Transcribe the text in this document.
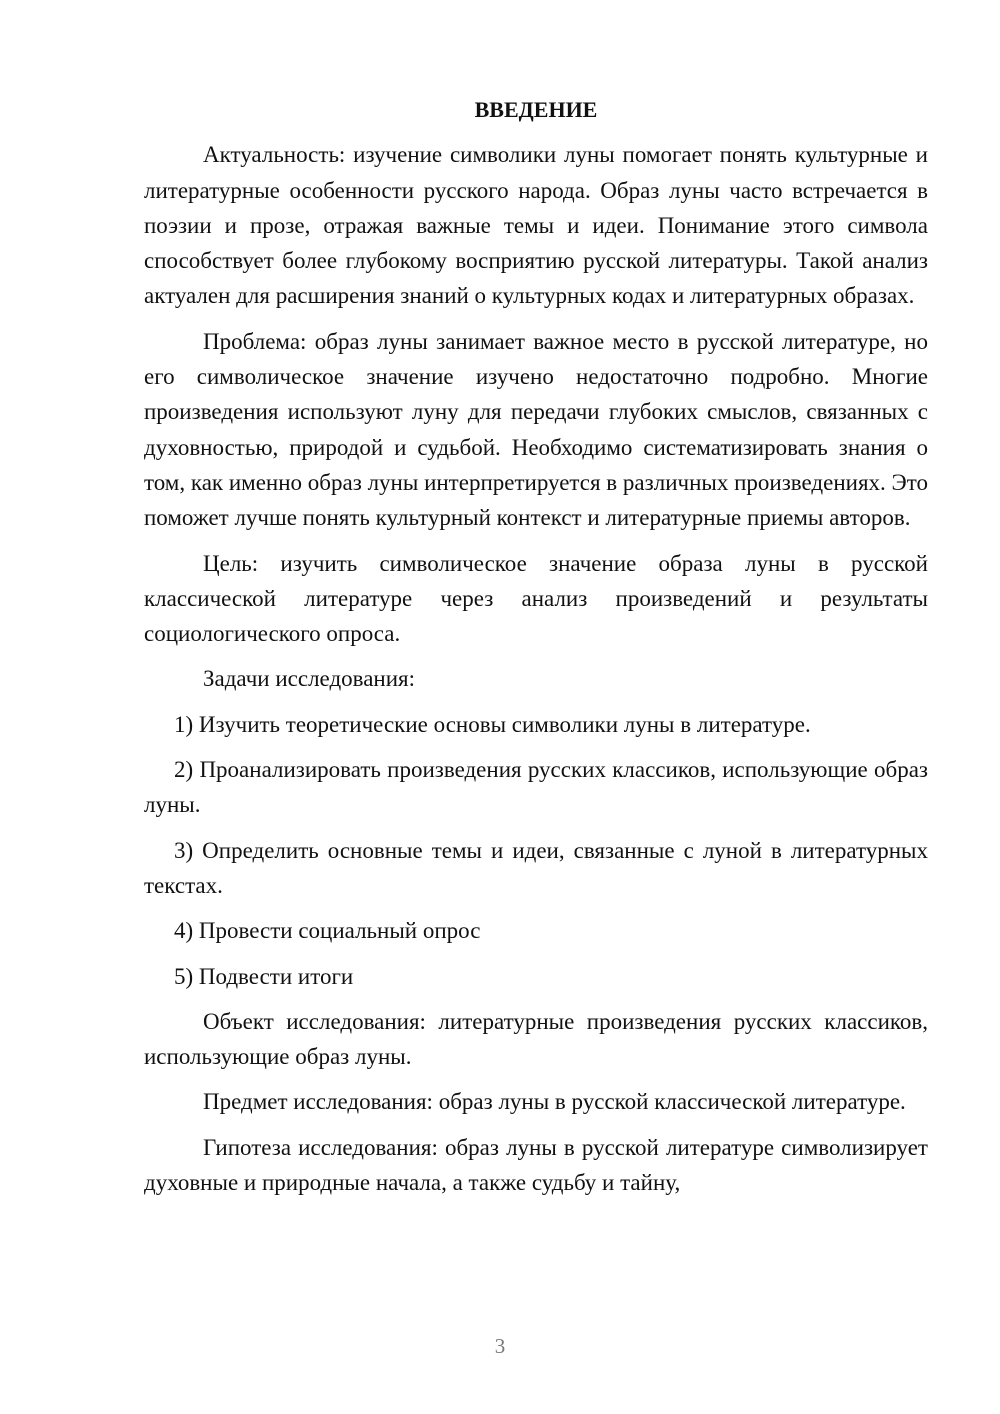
ВВЕДЕНИЕ

Актуальность: изучение символики луны помогает понять культурные и литературные особенности русского народа. Образ луны часто встречается в поэзии и прозе, отражая важные темы и идеи. Понимание этого символа способствует более глубокому восприятию русской литературы. Такой анализ актуален для расширения знаний о культурных кодах и литературных образах.

Проблема: образ луны занимает важное место в русской литературе, но его символическое значение изучено недостаточно подробно. Многие произведения используют луну для передачи глубоких смыслов, связанных с духовностью, природой и судьбой. Необходимо систематизировать знания о том, как именно образ луны интерпретируется в различных произведениях. Это поможет лучше понять культурный контекст и литературные приемы авторов.

Цель: изучить символическое значение образа луны в русской классической литературе через анализ произведений и результаты социологического опроса.

Задачи исследования:

1) Изучить теоретические основы символики луны в литературе.

2) Проанализировать произведения русских классиков, использующие образ луны.

3) Определить основные темы и идеи, связанные с луной в литературных текстах.

4) Провести социальный опрос

5) Подвести итоги

Объект исследования: литературные произведения русских классиков, использующие образ луны.

Предмет исследования: образ луны в русской классической литературе.

Гипотеза исследования: образ луны в русской литературе символизирует духовные и природные начала, а также судьбу и тайну,

3
